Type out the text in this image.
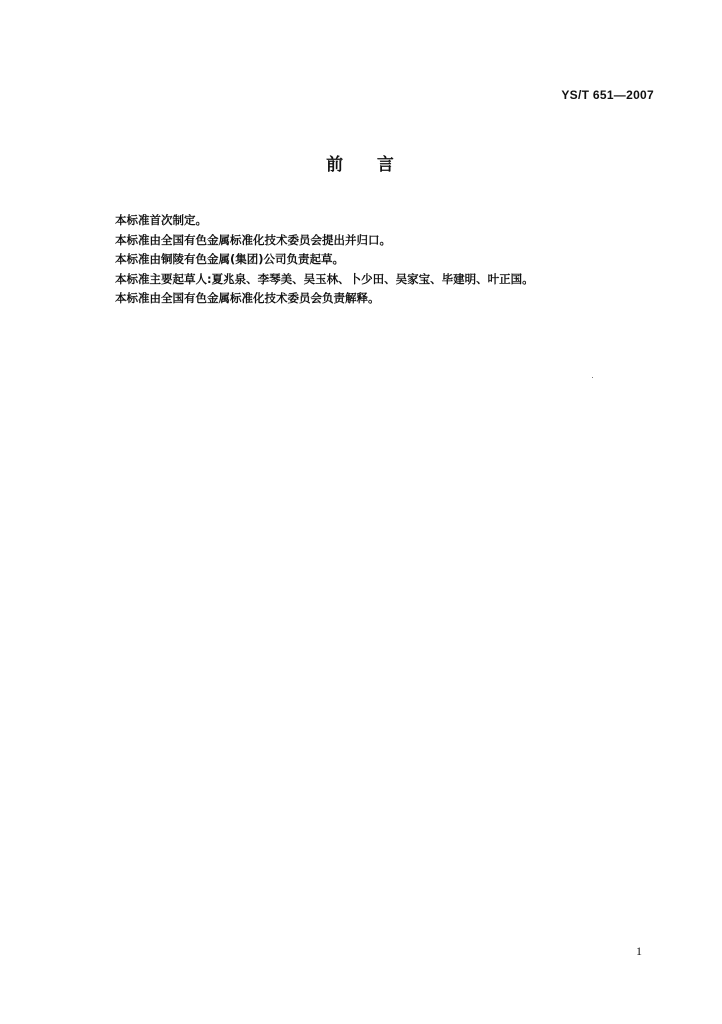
YS/T 651—2007
前    言
本标准首次制定。
本标准由全国有色金属标准化技术委员会提出并归口。
本标准由铜陵有色金属(集团)公司负责起草。
本标准主要起草人:夏兆泉、李琴美、吴玉林、卜少田、吴家宝、毕建明、叶正国。
本标准由全国有色金属标准化技术委员会负责解释。
1
